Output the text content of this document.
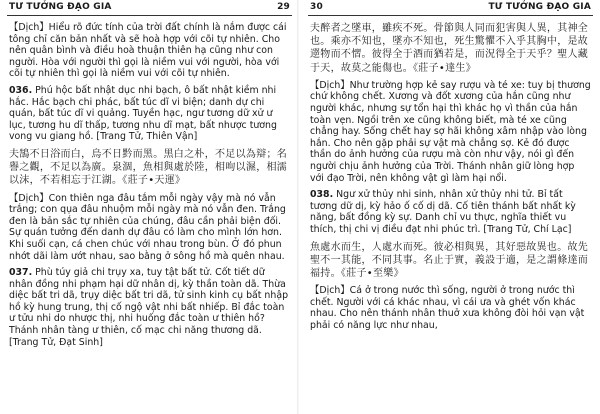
TƯ TƯỞNG ĐẠO GIA	29

【Dịch】Hiểu rõ đức tính của trời đất chính là nắm được cái tông chỉ căn bản nhất và sẽ hoà hợp với cõi tự nhiên. Cho nên quân bình và điều hoà thuận thiên hạ cũng như con người. Hòa với người thì gọi là niềm vui với người, hòa với cõi tự nhiên thì gọi là niềm vui với cõi tự nhiên.

036. Phú hộc bất nhật dục nhi bạch, ô bất nhật kiềm nhi hắc. Hắc bạch chi phác, bất túc dĩ vi biện; danh dự chi quán, bất túc dĩ vi quảng. Tuyền hạc, ngư tương dữ xử ư lục, tương hu dĩ thấp, tương nhu dĩ mạt, bất nhược tương vong vu giang hồ. [Trang Tử, Thiên Vận]

夫鵠不日浴而白，烏不日黔而黑。黑白之朴，不足以為辯；名譽之觀，不足以為廣。泉涸，魚相與處於陸，相呴以濕，相濡以沫，不若相忘于江湖。《莊子•天運》

【Dịch】Con thiên nga đâu tắm mỗi ngày vậy mà nó vẫn trắng; con qụa đâu nhuộm mỗi ngày mà nó vẫn đen. Trắng đen là bản sắc tự nhiên của chúng, đâu cần phải biện đối. Sự quán tưởng đến danh dự đâu có làm cho mình lớn hơn. Khi suối cạn, cá chen chúc với nhau trong bùn. Ở đó phun nhớt dãi làm ướt nhau, sao bằng ở sông hồ mà quên nhau.

037. Phù túy giả chi trụy xa, tuy tật bất tử. Cốt tiết dữ nhân đồng nhi phạm hại dữ nhân dị, kỳ thần toàn dã. Thừa diệc bất tri dã, trụy diệc bất tri dã, tử sinh kinh cụ bất nhập hồ kỳ hung trung, thị cố ngộ vật nhi bất nhiếp. Bỉ đắc toàn ư tửu nhi do nhược thị, nhi huống đắc toàn ư thiên hồ? Thánh nhân tàng ư thiên, cố mạc chi năng thương dã. [Trang Tử, Đạt Sinh]

30	TƯ TƯỞNG ĐẠO GIA

夫醉者之墜車，雖疾不死。骨節與人同而犯害與人異，其神全也。乘亦不知也，墜亦不知也，死生驚懼不入乎其胸中，是故遻物而不慴。彼得全于酒而猶若是，而況得全于天乎？聖人藏于天，故莫之能傷也。《莊子•達生》

【Dịch】Như trường hợp kẻ say rượu và té xe: tuy bị thương chứ không chết. Xương và đốt xương của hắn cũng như người khác, nhưng sự tổn hại thì khác họ vì thần của hắn toàn vẹn. Ngồi trên xe cũng không biết, mà té xe cũng chẳng hay. Sống chết hay sợ hãi không xâm nhập vào lòng hắn. Cho nên gặp phải sự vật mà chẳng sợ. Kẻ đó được thần do ảnh hưởng của rượu mà còn như vậy, nói gì đến người chịu ảnh hưởng của Trời. Thánh nhân giữ lòng hợp với đạo Trời, nên không vật gì làm hại nổi.

038. Ngư xử thủy nhi sinh, nhân xử thủy nhi tử. Bỉ tất tương dữ dị, kỳ hảo ố cố dị dã. Cố tiên thánh bất nhất kỳ năng, bất đồng kỳ sự. Danh chỉ vu thực, nghĩa thiết vu thích, thị chi vị điều đạt nhi phúc trì. [Trang Tử, Chí Lạc]

魚處水而生，人處水而死。彼必相與異，其好惡故異也。故先聖不一其能，不同其事。名止于實，義設于適，是之謂條達而福持。《莊子•至樂》

【Dịch】Cá ở trong nước thì sống, người ở trong nước thì chết. Người với cá khác nhau, vì cái ưa và ghét vốn khác nhau. Cho nên thánh nhân thuở xưa không đòi hỏi vạn vật phải có năng lực như nhau,
